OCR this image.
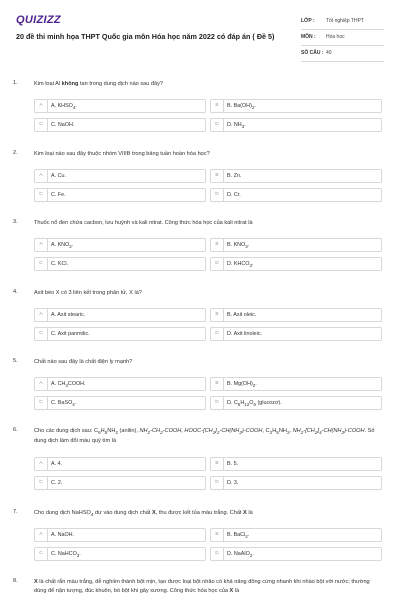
QUIZIZZ
20 đề thi minh họa THPT Quốc gia môn Hóa học năm 2022 có đáp án ( Đề 5)
LỚP : Tốt nghiệp THPT
MÔN : Hóa học
SỐ CÂU : 40
1.	Kim loại Al không tan trong dung dịch nào sau đây?
A	A. $KHSO_4$.	B	B. $Ba(OH)_2$.
C	C. NaOH.	D	D. $NH_3$.
2.	Kim loại nào sau đây thuộc nhóm VIIIB trong bảng tuần hoàn hóa học?
A	A. Cu.	B	B. Zn.
C	C. Fe.	D	D. Cr.
3.	Thuốc nổ đen chứa cacbon, lưu huỳnh và kali nitrat. Công thức hóa học của kali nitrat là
A	A. $KNO_2$.	B	B. $KNO_3$.
C	C. KCl.	D	D. $KHCO_3$.
4.	Axit béo X có 3 liên kết trong phân tử, X là?
A	A. Axit stearic.	B	B. Axit oleic.
C	C. Axit panmitic.	D	D. Axit linoleic.
5.	Chất nào sau đây là chất điện ly mạnh?
A	A. $CH_3COOH$.	B	B. $Mg(OH)_2$.
C	C. BaSO$_4$.	D	D. $C_6H_{12}O_6$ (glucozơ).
6.	Cho các dung dịch sau: $C_6H_5NH_2$ (anilin), $NH_2-CH_2$-COOH, HOOC-$[CH_2]_2-CH(NH_2)$-COOH, $C_2H_5NH_2$, $NH_2-[CH_2]_4-CH(NH_2)$-COOH. Số dung dịch làm đổi màu quỳ tím là
A	A. 4.	B	B. 5.
C	C. 2.	D	D. 3.
7.	Cho dung dịch NaHSO$_4$ dư vào dung dịch chất X, thu được kết tủa màu trắng. Chất X là
A	A. NaOH.	B	B. BaCl$_2$.
C	C. NaHCO$_3$.	D	D. NaAlO$_2$.
8.	X là chất rắn màu trắng, dễ nghiền thành bột mịn, tạo được loại bột nhão có khả năng đông cứng nhanh khi nhào bột với nước; thường dùng để nặn tượng, đúc khuôn, bó bột khi gãy xương. Công thức hóa học của X là
